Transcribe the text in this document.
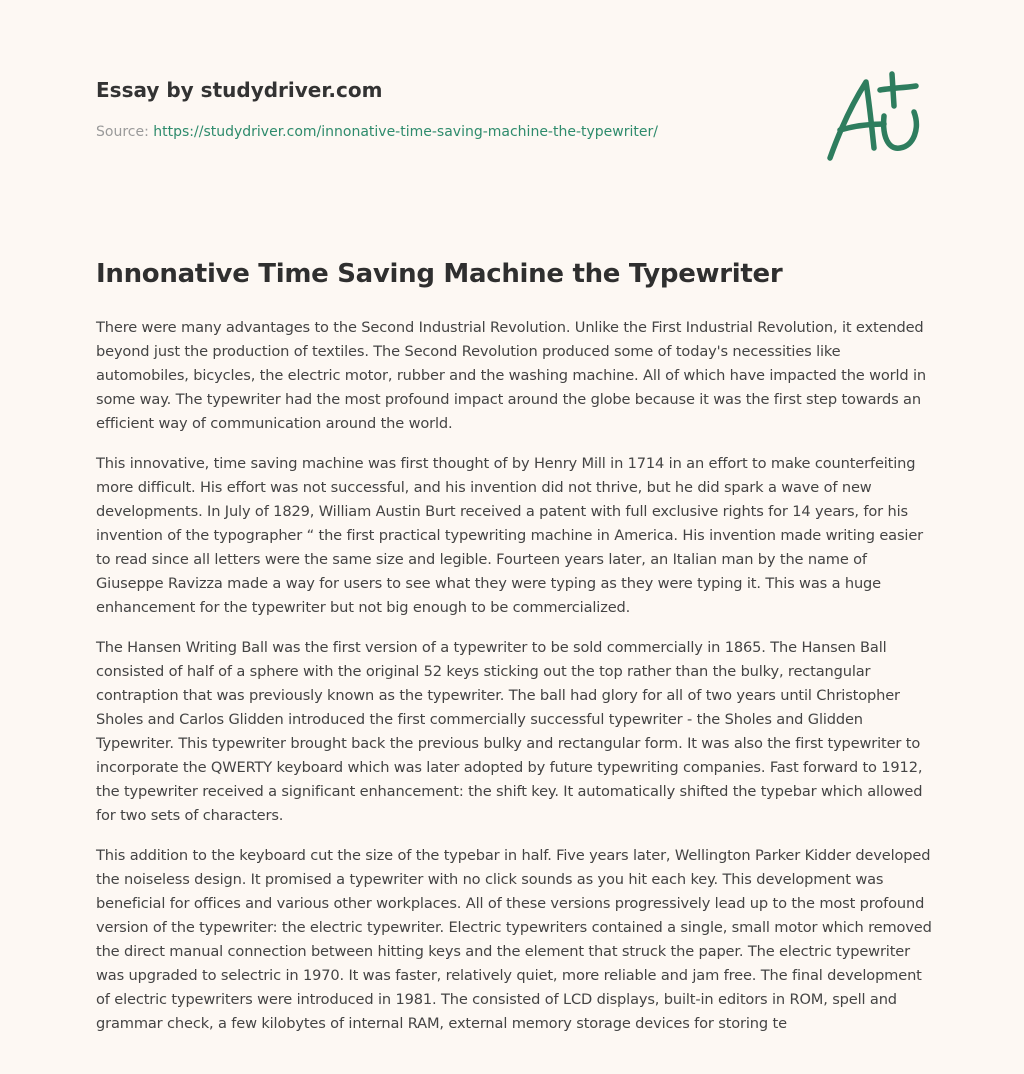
Essay by studydriver.com
Source: https://studydriver.com/innonative-time-saving-machine-the-typewriter/
Innonative Time Saving Machine the Typewriter

There were many advantages to the Second Industrial Revolution. Unlike the First Industrial Revolution, it extended beyond just the production of textiles. The Second Revolution produced some of today's necessities like automobiles, bicycles, the electric motor, rubber and the washing machine. All of which have impacted the world in some way. The typewriter had the most profound impact around the globe because it was the first step towards an efficient way of communication around the world.

This innovative, time saving machine was first thought of by Henry Mill in 1714 in an effort to make counterfeiting more difficult. His effort was not successful, and his invention did not thrive, but he did spark a wave of new developments. In July of 1829, William Austin Burt received a patent with full exclusive rights for 14 years, for his invention of the typographer “ the first practical typewriting machine in America. His invention made writing easier to read since all letters were the same size and legible. Fourteen years later, an Italian man by the name of Giuseppe Ravizza made a way for users to see what they were typing as they were typing it. This was a huge enhancement for the typewriter but not big enough to be commercialized.

The Hansen Writing Ball was the first version of a typewriter to be sold commercially in 1865. The Hansen Ball consisted of half of a sphere with the original 52 keys sticking out the top rather than the bulky, rectangular contraption that was previously known as the typewriter. The ball had glory for all of two years until Christopher Sholes and Carlos Glidden introduced the first commercially successful typewriter - the Sholes and Glidden Typewriter. This typewriter brought back the previous bulky and rectangular form. It was also the first typewriter to incorporate the QWERTY keyboard which was later adopted by future typewriting companies. Fast forward to 1912, the typewriter received a significant enhancement: the shift key. It automatically shifted the typebar which allowed for two sets of characters.

This addition to the keyboard cut the size of the typebar in half. Five years later, Wellington Parker Kidder developed the noiseless design. It promised a typewriter with no click sounds as you hit each key. This development was beneficial for offices and various other workplaces. All of these versions progressively lead up to the most profound version of the typewriter: the electric typewriter. Electric typewriters contained a single, small motor which removed the direct manual connection between hitting keys and the element that struck the paper. The electric typewriter was upgraded to selectric in 1970. It was faster, relatively quiet, more reliable and jam free. The final development of electric typewriters were introduced in 1981. The consisted of LCD displays, built-in editors in ROM, spell and grammar check, a few kilobytes of internal RAM, external memory storage devices for storing te
